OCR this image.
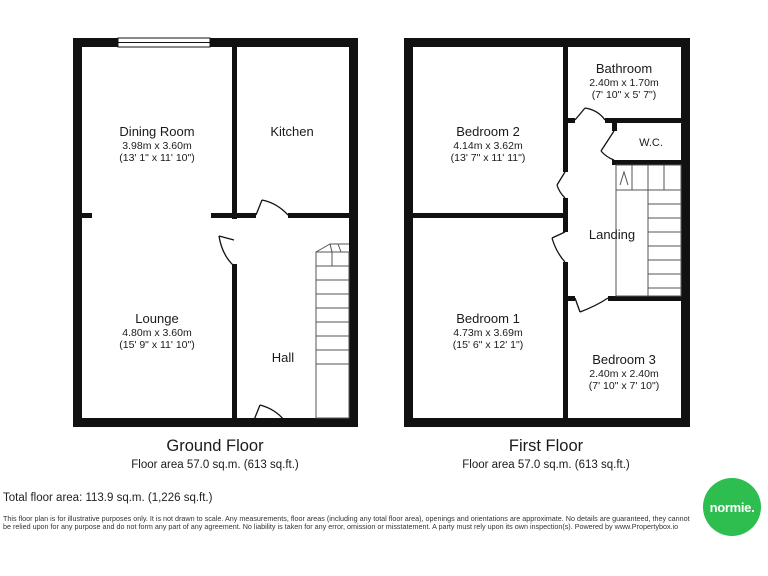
Dining Room
3.98m x 3.60m
(13' 1" x 11' 10")
Kitchen
Lounge
4.80m x 3.60m
(15' 9" x 11' 10")
Hall
Ground Floor
Floor area 57.0 sq.m. (613 sq.ft.)
Bedroom 2
4.14m x 3.62m
(13' 7" x 11' 11")
Bathroom
2.40m x 1.70m
(7' 10" x 5' 7")
W.C.
Landing
Bedroom 1
4.73m x 3.69m
(15' 6" x 12' 1")
Bedroom 3
2.40m x 2.40m
(7' 10" x 7' 10")
First Floor
Floor area 57.0 sq.m. (613 sq.ft.)
Total floor area: 113.9 sq.m. (1,226 sq.ft.)
This floor plan is for illustrative purposes only. It is not drawn to scale. Any measurements, floor areas (including any total floor area), openings and orientations are approximate. No details are guaranteed, they cannot be relied upon for any purpose and do not form any part of any agreement. No liability is taken for any error, omission or misstatement. A party must rely upon its own inspection(s). Powered by www.Propertybox.io
normie.
